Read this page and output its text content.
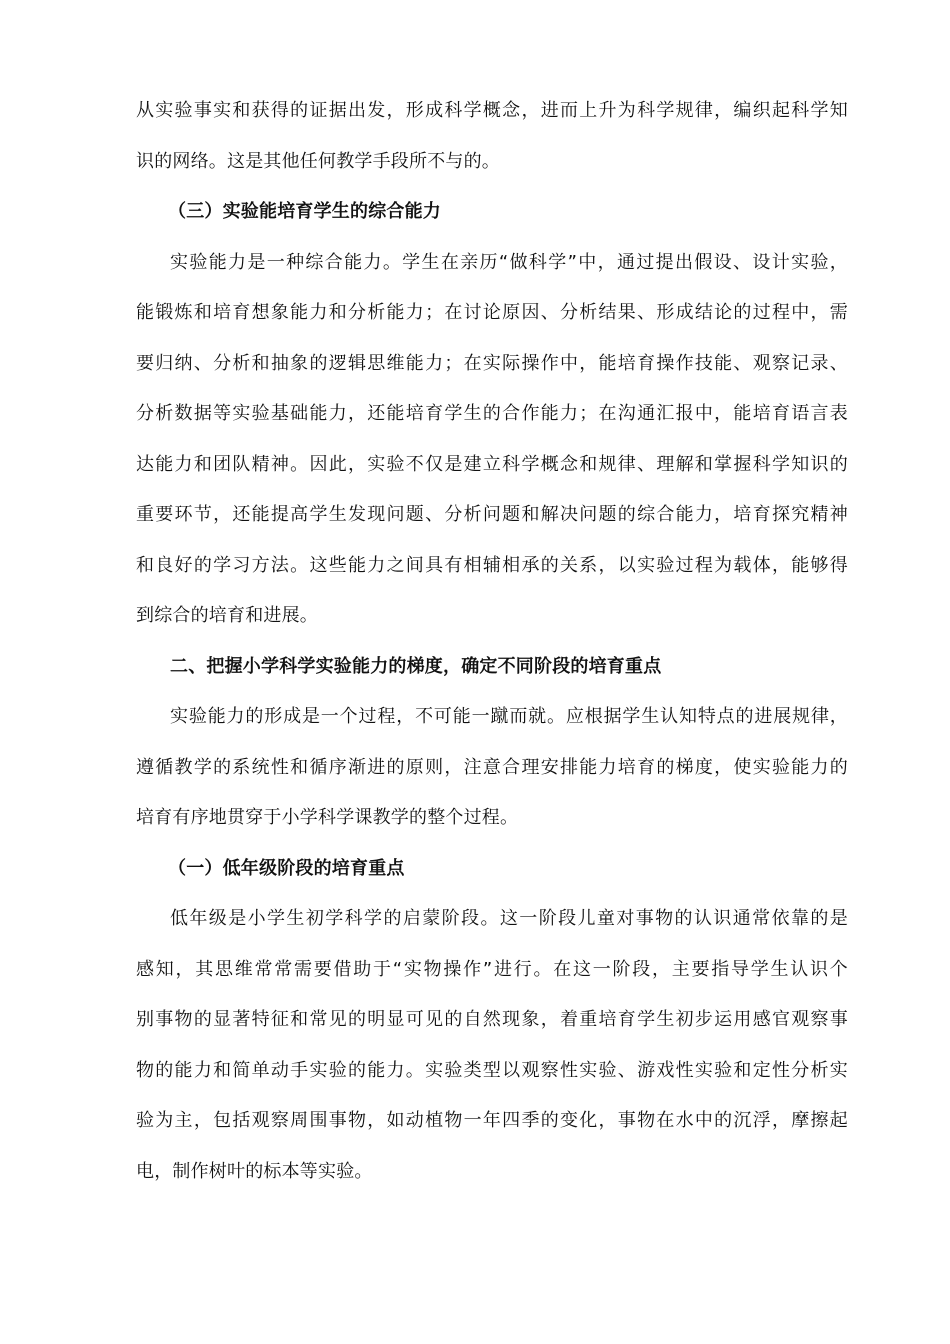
从实验事实和获得的证据出发，形成科学概念，进而上升为科学规律，编织起科学知
识的网络。这是其他任何教学手段所不与的。
（三）实验能培育学生的综合能力
实验能力是一种综合能力。学生在亲历“做科学”中，通过提出假设、设计实验，
能锻炼和培育想象能力和分析能力；在讨论原因、分析结果、形成结论的过程中，需
要归纳、分析和抽象的逻辑思维能力；在实际操作中，能培育操作技能、观察记录、
分析数据等实验基础能力，还能培育学生的合作能力；在沟通汇报中，能培育语言表
达能力和团队精神。因此，实验不仅是建立科学概念和规律、理解和掌握科学知识的
重要环节，还能提高学生发现问题、分析问题和解决问题的综合能力，培育探究精神
和良好的学习方法。这些能力之间具有相辅相承的关系，以实验过程为载体，能够得
到综合的培育和进展。
二、把握小学科学实验能力的梯度，确定不同阶段的培育重点
实验能力的形成是一个过程，不可能一蹴而就。应根据学生认知特点的进展规律，
遵循教学的系统性和循序渐进的原则，注意合理安排能力培育的梯度，使实验能力的
培育有序地贯穿于小学科学课教学的整个过程。
（一）低年级阶段的培育重点
低年级是小学生初学科学的启蒙阶段。这一阶段儿童对事物的认识通常依靠的是
感知，其思维常常需要借助于“实物操作”进行。在这一阶段，主要指导学生认识个
别事物的显著特征和常见的明显可见的自然现象，着重培育学生初步运用感官观察事
物的能力和简单动手实验的能力。实验类型以观察性实验、游戏性实验和定性分析实
验为主，包括观察周围事物，如动植物一年四季的变化，事物在水中的沉浮，摩擦起
电，制作树叶的标本等实验。
